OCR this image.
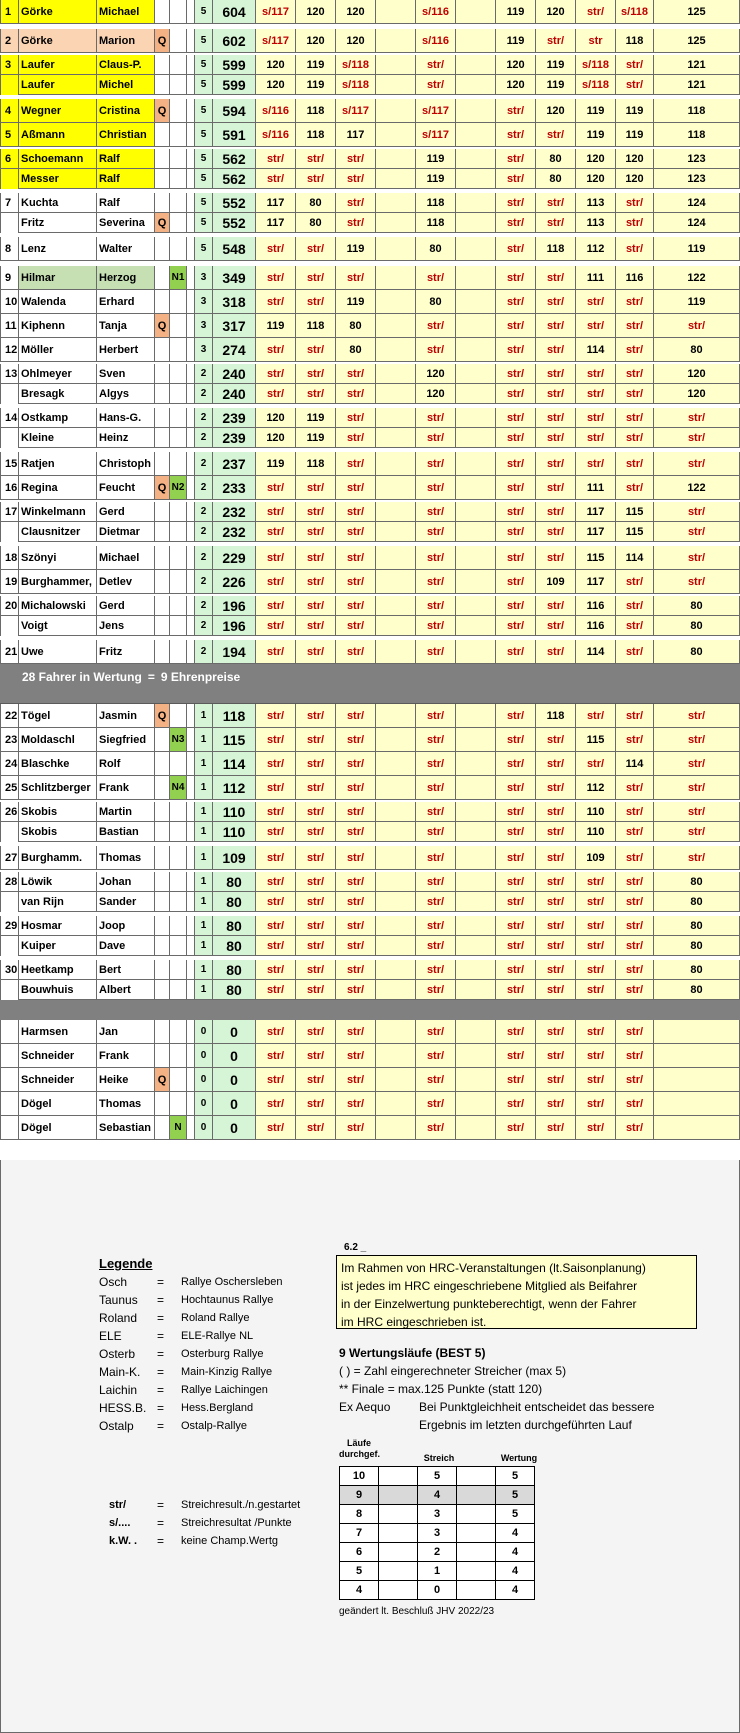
1 Görke	Michael	5	604	s/117	120	120	s/116	119	120	str/	s/118	125
2 Görke	Marion	Q	5	602	s/117	120	120	s/116	119	str/	str	118	125
3 Laufer	Claus-P.	5	599	120	119	s/118	str/	120	119	s/118	str/	121
Laufer	Michel	5	599	120	119	s/118	str/	120	119	s/118	str/	121
4 Wegner	Cristina	Q	5	594	s/116	118	s/117	s/117	str/	120	119	119	118
5 Aßmann	Christian	5	591	s/116	118	117	s/117	str/	str/	119	119	118
6 Schoemann	Ralf	5	562	str/	str/	str/	119	str/	80	120	120	123
Messer	Ralf	5	562	str/	str/	str/	119	str/	80	120	120	123
7 Kuchta	Ralf	5	552	117	80	str/	118	str/	str/	113	str/	124
Fritz	Severina	Q	5	552	117	80	str/	118	str/	str/	113	str/	124
8 Lenz	Walter	5	548	str/	str/	119	80	str/	118	112	str/	119
9 Hilmar	Herzog	N1	3	349	str/	str/	str/	str/	str/	str/	111	116	122
10 Walenda	Erhard	3	318	str/	str/	119	80	str/	str/	str/	str/	119
11 Kiphenn	Tanja	Q	3	317	119	118	80	str/	str/	str/	str/	str/	str/
12 Möller	Herbert	3	274	str/	str/	80	str/	str/	str/	114	str/	80
13 Ohlmeyer	Sven	2	240	str/	str/	str/	120	str/	str/	str/	str/	120
Bresagk	Algys	2	240	str/	str/	str/	120	str/	str/	str/	str/	120
14 Ostkamp	Hans-G.	2	239	120	119	str/	str/	str/	str/	str/	str/	str/
Kleine	Heinz	2	239	120	119	str/	str/	str/	str/	str/	str/	str/
15 Ratjen	Christoph	2	237	119	118	str/	str/	str/	str/	str/	str/	str/
16 Regina	Feucht	Q N2	2	233	str/	str/	str/	str/	str/	str/	111	str/	122
17 Winkelmann	Gerd	2	232	str/	str/	str/	str/	str/	str/	117	115	str/
Clausnitzer	Dietmar	2	232	str/	str/	str/	str/	str/	str/	117	115	str/
18 Szönyi	Michael	2	229	str/	str/	str/	str/	str/	str/	115	114	str/
19 Burghammer, Detlev	2	226	str/	str/	str/	str/	str/	109	117	str/	str/
20 Michalowski	Gerd	2	196	str/	str/	str/	str/	str/	str/	116	str/	80
Voigt	Jens	2	196	str/	str/	str/	str/	str/	str/	116	str/	80
21 Uwe	Fritz	2	194	str/	str/	str/	str/	str/	str/	114	str/	80
28 Fahrer in Wertung = 9 Ehrenpreise
22 Tögel	Jasmin	Q	1	118	str/	str/	str/	str/	str/	118	str/	str/	str/
23 Moldaschl	Siegfried	N3	1	115	str/	str/	str/	str/	str/	str/	115	str/	str/
24 Blaschke	Rolf	1	114	str/	str/	str/	str/	str/	str/	str/	114	str/
25 Schlitzberger Frank	N4	1	112	str/	str/	str/	str/	str/	str/	112	str/	str/
26 Skobis	Martin	1	110	str/	str/	str/	str/	str/	str/	110	str/	str/
Skobis	Bastian	1	110	str/	str/	str/	str/	str/	str/	110	str/	str/
27 Burghamm.	Thomas	1	109	str/	str/	str/	str/	str/	str/	109	str/	str/
28 Löwik	Johan	1	80	str/	str/	str/	str/	str/	str/	str/	str/	80
van Rijn	Sander	1	80	str/	str/	str/	str/	str/	str/	str/	str/	80
29 Hosmar	Joop	1	80	str/	str/	str/	str/	str/	str/	str/	str/	80
Kuiper	Dave	1	80	str/	str/	str/	str/	str/	str/	str/	str/	80
30 Heetkamp	Bert	1	80	str/	str/	str/	str/	str/	str/	str/	str/	80
Bouwhuis	Albert	1	80	str/	str/	str/	str/	str/	str/	str/	str/	80
Harmsen	Jan	0	0	str/	str/	str/	str/	str/	str/	str/	str/
Schneider	Frank	0	0	str/	str/	str/	str/	str/	str/	str/	str/
Schneider	Heike	Q	0	0	str/	str/	str/	str/	str/	str/	str/	str/
Dögel	Thomas	0	0	str/	str/	str/	str/	str/	str/	str/	str/
Dögel	Sebastian	N	0	0	str/	str/	str/	str/	str/	str/	str/	str/
Legende
Osch	=	Rallye Oschersleben
Taunus	=	Hochtaunus Rallye
Roland	=	Roland Rallye
ELE	=	ELE-Rallye NL
Osterb	=	Osterburg Rallye
Main-K.	=	Main-Kinzig Rallye
Laichin	=	Rallye Laichingen
HESS.B. =	Hess.Bergland
Ostalp	=	Ostalp-Rallye
str/	=	Streichresult./n.gestartet
s/....	=	Streichresultat /Punkte
k.W. .	=	keine Champ.Wertg
6.2 _
Im Rahmen von HRC-Veranstaltungen (lt.Saisonplanung)
ist jedes im HRC eingeschriebene Mitglied als Beifahrer
in der Einzelwertung punkteberechtigt, wenn der Fahrer
im HRC eingeschrieben ist.
9 Wertungsläufe (BEST 5)
( ) = Zahl eingerechneter Streicher (max 5)
** Finale = max.125 Punkte (statt 120)
Ex Aequo	Bei Punktgleichheit entscheidet das bessere
Ergebnis im letzten durchgeführten Lauf
Läufe
durchgef.	Streich	Wertung
10		5		5
9		4		5
8		3		5
7		3		4
6		2		4
5		1		4
4		0		4
geändert lt. Beschluß JHV 2022/23
